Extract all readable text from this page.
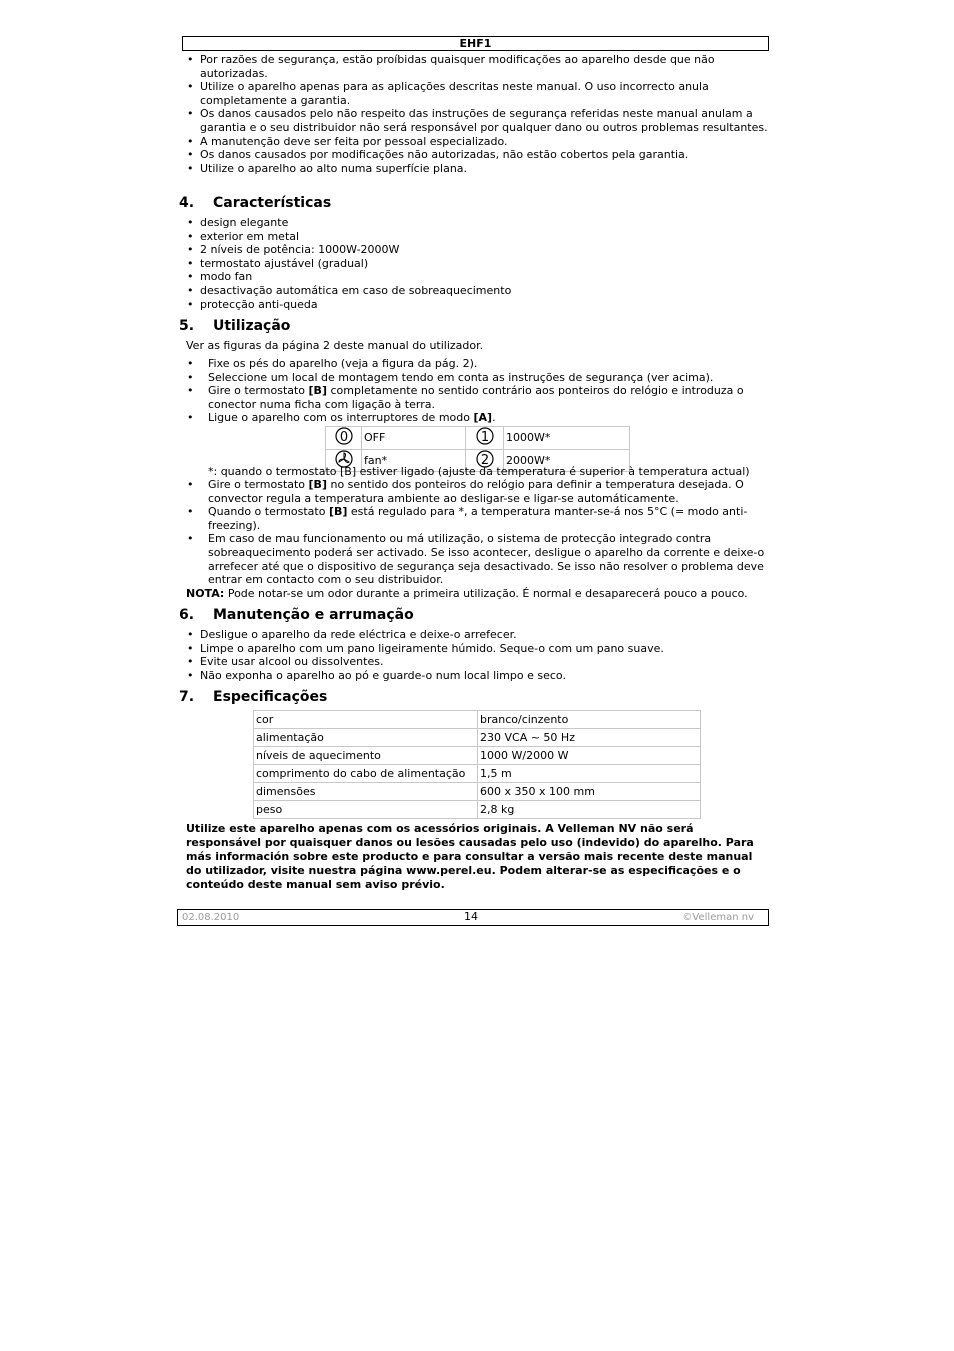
EHF1
• Por razões de segurança, estão proíbidas quaisquer modificações ao aparelho desde que não autorizadas.
• Utilize o aparelho apenas para as aplicações descritas neste manual. O uso incorrecto anula completamente a garantia.
• Os danos causados pelo não respeito das instruções de segurança referidas neste manual anulam a garantia e o seu distribuidor não será responsável por qualquer dano ou outros problemas resultantes.
• A manutenção deve ser feita por pessoal especializado.
• Os danos causados por modificações não autorizadas, não estão cobertos pela garantia.
• Utilize o aparelho ao alto numa superfície plana.
4. Características
• design elegante
• exterior em metal
• 2 níveis de potência: 1000W-2000W
• termostato ajustável (gradual)
• modo fan
• desactivação automática em caso de sobreaquecimento
• protecção anti-queda
5. Utilização
Ver as figuras da página 2 deste manual do utilizador.
• Fixe os pés do aparelho (veja a figura da pág. 2).
• Seleccione um local de montagem tendo em conta as instruções de segurança (ver acima).
• Gire o termostato [B] completamente no sentido contrário aos ponteiros do relógio e introduza o conector numa ficha com ligação à terra.
• Ligue o aparelho com os interruptores de modo [A].
0	OFF	1	1000W*
	fan*	2	2000W*
*: quando o termostato [B] estiver ligado (ajuste da temperatura é superior à temperatura actual)
• Gire o termostato [B] no sentido dos ponteiros do relógio para definir a temperatura desejada. O convector regula a temperatura ambiente ao desligar-se e ligar-se automáticamente.
• Quando o termostato [B] está regulado para *, a temperatura manter-se-á nos 5°C (= modo anti-freezing).
• Em caso de mau funcionamento ou má utilização, o sistema de protecção integrado contra sobreaquecimento poderá ser activado. Se isso acontecer, desligue o aparelho da corrente e deixe-o arrefecer até que o dispositivo de segurança seja desactivado. Se isso não resolver o problema deve entrar em contacto com o seu distribuidor.
NOTA: Pode notar-se um odor durante a primeira utilização. É normal e desaparecerá pouco a pouco.
6. Manutenção e arrumação
• Desligue o aparelho da rede eléctrica e deixe-o arrefecer.
• Limpe o aparelho com um pano ligeiramente húmido. Seque-o com um pano suave.
• Evite usar alcool ou dissolventes.
• Não exponha o aparelho ao pó e guarde-o num local limpo e seco.
7. Especificações
cor	branco/cinzento
alimentação	230 VCA ~ 50 Hz
níveis de aquecimento	1000 W/2000 W
comprimento do cabo de alimentação	1,5 m
dimensões	600 x 350 x 100 mm
peso	2,8 kg
Utilize este aparelho apenas com os acessórios originais. A Velleman NV não será responsável por quaisquer danos ou lesões causadas pelo uso (indevido) do aparelho. Para más información sobre este producto e para consultar a versão mais recente deste manual do utilizador, visite nuestra página www.perel.eu. Podem alterar-se as especificações e o conteúdo deste manual sem aviso prévio.
02.08.2010	14	©Velleman nv
